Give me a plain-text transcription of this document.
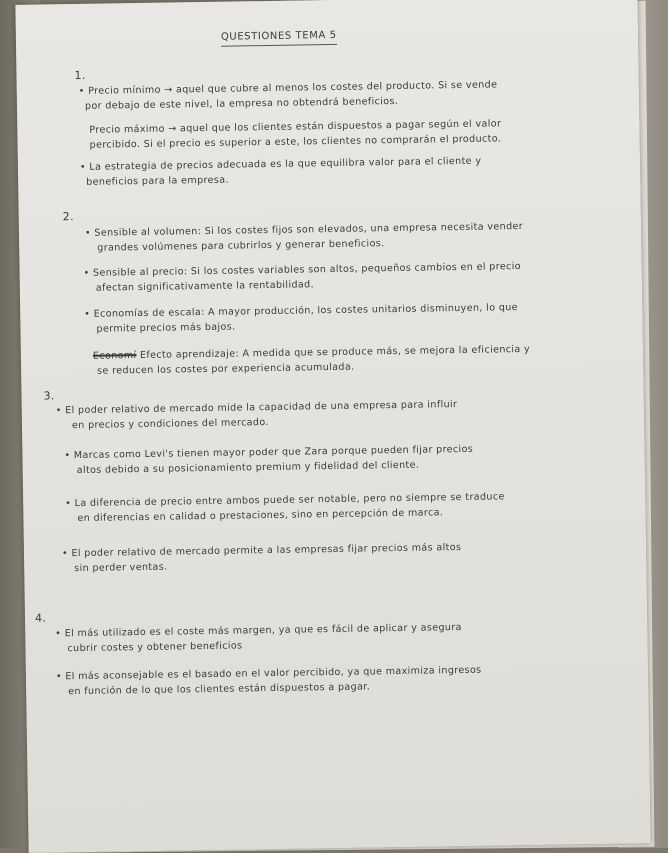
QUESTIONES TEMA 5
1.

• Precio mínimo → aquel que cubre al menos los costes del producto. Si se vende

por debajo de este nivel, la empresa no obtendrá beneficios.

Precio máximo → aquel que los clientes están dispuestos a pagar según el valor

percibido. Si el precio es superior a este, los clientes no comprarán el producto.

• La estrategia de precios adecuada es la que equilibra valor para el cliente y

beneficios para la empresa.

2.

• Sensible al volumen: Si los costes fijos son elevados, una empresa necesita vender

grandes volúmenes para cubrirlos y generar beneficios.

• Sensible al precio: Si los costes variables son altos, pequeños cambios en el precio

afectan significativamente la rentabilidad.

• Economías de escala: A mayor producción, los costes unitarios disminuyen, lo que

permite precios más bajos.

Economí Efecto aprendizaje: A medida que se produce más, se mejora la eficiencia y

se reducen los costes por experiencia acumulada.

3.

• El poder relativo de mercado mide la capacidad de una empresa para influir

en precios y condiciones del mercado.

• Marcas como Levi's tienen mayor poder que Zara porque pueden fijar precios

altos debido a su posicionamiento premium y fidelidad del cliente.

• La diferencia de precio entre ambos puede ser notable, pero no siempre se traduce

en diferencias en calidad o prestaciones, sino en percepción de marca.

• El poder relativo de mercado permite a las empresas fijar precios más altos

sin perder ventas.

4.

• El más utilizado es el coste más margen, ya que es fácil de aplicar y asegura

cubrir costes y obtener beneficios

• El más aconsejable es el basado en el valor percibido, ya que maximiza ingresos

en función de lo que los clientes están dispuestos a pagar.
